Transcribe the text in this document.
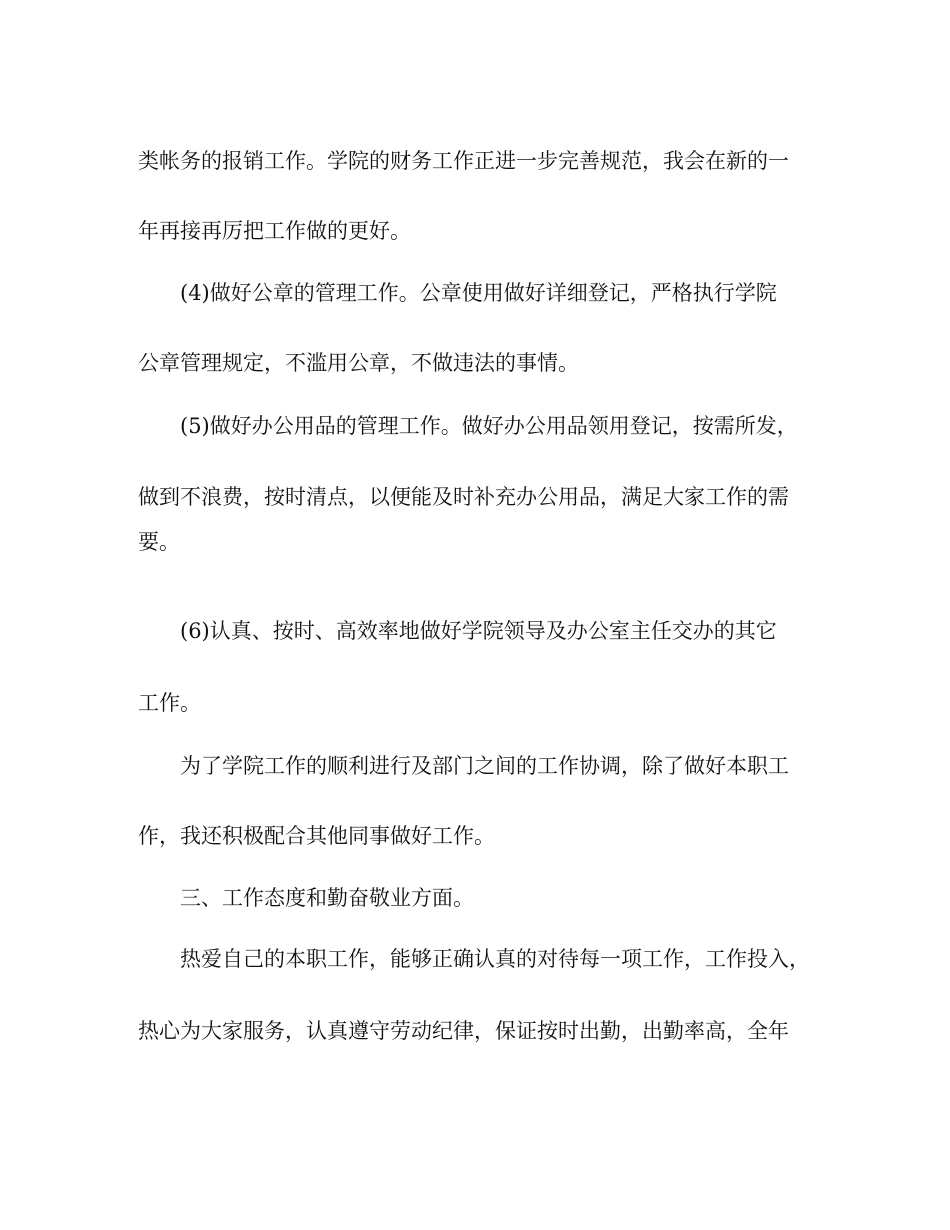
类帐务的报销工作。学院的财务工作正进一步完善规范，我会在新的一

年再接再厉把工作做的更好。

(4)做好公章的管理工作。公章使用做好详细登记，严格执行学院

公章管理规定，不滥用公章，不做违法的事情。

(5)做好办公用品的管理工作。做好办公用品领用登记，按需所发，

做到不浪费，按时清点，以便能及时补充办公用品，满足大家工作的需

要。

(6)认真、按时、高效率地做好学院领导及办公室主任交办的其它

工作。

为了学院工作的顺利进行及部门之间的工作协调，除了做好本职工

作，我还积极配合其他同事做好工作。

三、工作态度和勤奋敬业方面。

热爱自己的本职工作，能够正确认真的对待每一项工作，工作投入，

热心为大家服务，认真遵守劳动纪律，保证按时出勤，出勤率高，全年
